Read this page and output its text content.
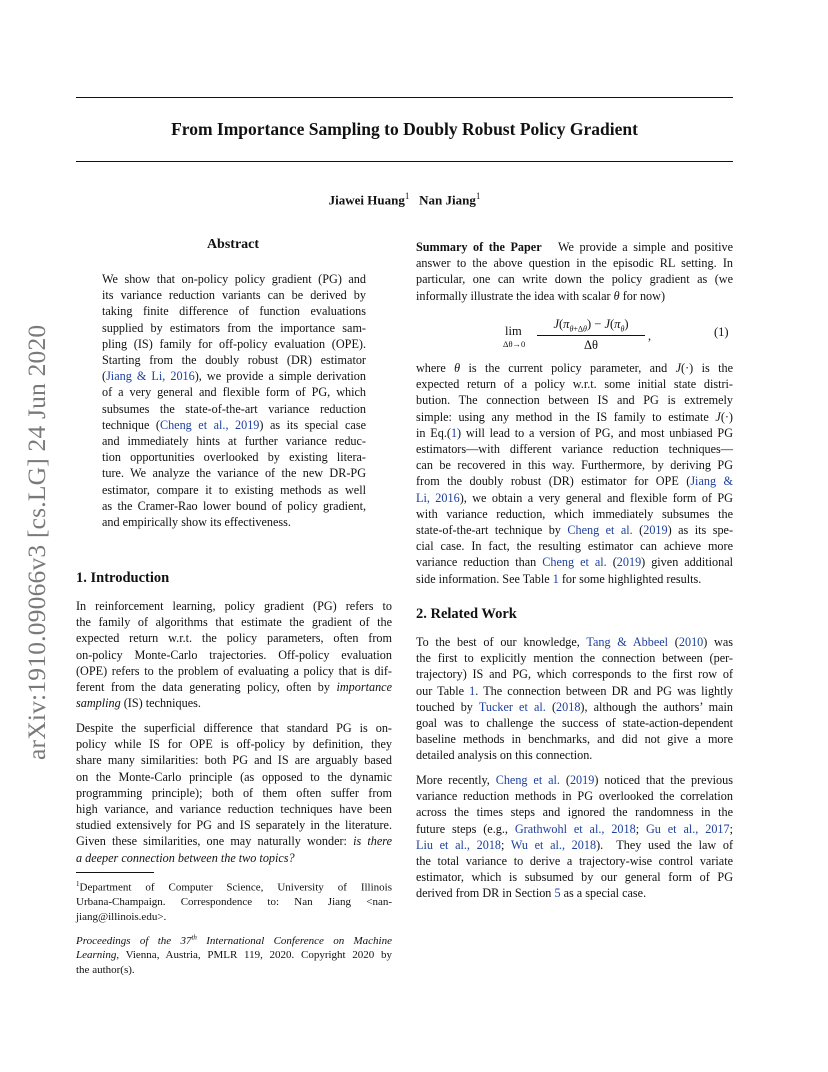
arXiv:1910.09066v3 [cs.LG] 24 Jun 2020
From Importance Sampling to Doubly Robust Policy Gradient
Jiawei Huang$^1$ Nan Jiang$^1$
Abstract
We show that on-policy policy gradient (PG) and
its variance reduction variants can be derived by
taking finite difference of function evaluations
supplied by estimators from the importance sam-
pling (IS) family for off-policy evaluation (OPE).
Starting from the doubly robust (DR) estimator
(Jiang & Li, 2016), we provide a simple derivation
of a very general and flexible form of PG, which
subsumes the state-of-the-art variance reduction
technique (Cheng et al., 2019) as its special case
and immediately hints at further variance reduc-
tion opportunities overlooked by existing litera-
ture. We analyze the variance of the new DR-PG
estimator, compare it to existing methods as well
as the Cramer-Rao lower bound of policy gradient,
and empirically show its effectiveness.
1. Introduction
In reinforcement learning, policy gradient (PG) refers to
the family of algorithms that estimate the gradient of the
expected return w.r.t. the policy parameters, often from
on-policy Monte-Carlo trajectories. Off-policy evaluation
(OPE) refers to the problem of evaluating a policy that is dif-
ferent from the data generating policy, often by importance
sampling (IS) techniques.
Despite the superficial difference that standard PG is on-
policy while IS for OPE is off-policy by definition, they
share many similarities: both PG and IS are arguably based
on the Monte-Carlo principle (as opposed to the dynamic
programming principle); both of them often suffer from
high variance, and variance reduction techniques have been
studied extensively for PG and IS separately in the literature.
Given these similarities, one may naturally wonder: is there
a deeper connection between the two topics?
$^1$Department of Computer Science, University of Illinois
Urbana-Champaign. Correspondence to: Nan Jiang <nan-
jiang@illinois.edu>.
Proceedings of the 37th International Conference on Machine
Learning, Vienna, Austria, PMLR 119, 2020. Copyright 2020 by
the author(s).
Summary of the Paper We provide a simple and positive
answer to the above question in the episodic RL setting. In
particular, one can write down the policy gradient as (we
informally illustrate the idea with scalar θ for now)
lim
Δθ→0
$J(\pi_{\theta+\Delta\theta}) - J(\pi_\theta)$
Δθ
,	(1)
where θ is the current policy parameter, and J(·) is the
expected return of a policy w.r.t. some initial state distri-
bution. The connection between IS and PG is extremely
simple: using any method in the IS family to estimate J(·)
in Eq.(1) will lead to a version of PG, and most unbiased PG
estimators—with different variance reduction techniques—
can be recovered in this way. Furthermore, by deriving PG
from the doubly robust (DR) estimator for OPE (Jiang &
Li, 2016), we obtain a very general and flexible form of PG
with variance reduction, which immediately subsumes the
state-of-the-art technique by Cheng et al. (2019) as its spe-
cial case. In fact, the resulting estimator can achieve more
variance reduction than Cheng et al. (2019) given additional
side information. See Table 1 for some highlighted results.
2. Related Work
To the best of our knowledge, Tang & Abbeel (2010) was
the first to explicitly mention the connection between (per-
trajectory) IS and PG, which corresponds to the first row of
our Table 1. The connection between DR and PG was lightly
touched by Tucker et al. (2018), although the authors’ main
goal was to challenge the success of state-action-dependent
baseline methods in benchmarks, and did not give a more
detailed analysis on this connection.
More recently, Cheng et al. (2019) noticed that the previous
variance reduction methods in PG overlooked the correlation
across the times steps and ignored the randomness in the
future steps (e.g., Grathwohl et al., 2018; Gu et al., 2017;
Liu et al., 2018; Wu et al., 2018).  They used the law of
the total variance to derive a trajectory-wise control variate
estimator, which is subsumed by our general form of PG
derived from DR in Section 5 as a special case.
